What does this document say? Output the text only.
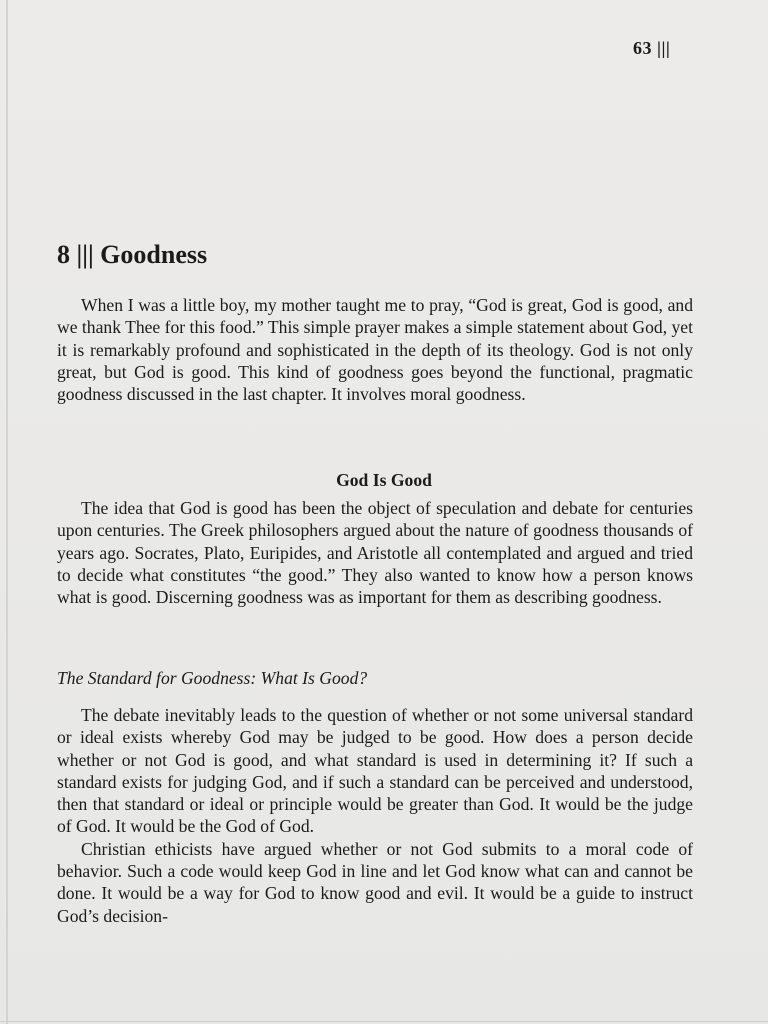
63 |||
8 ||| Goodness

When I was a little boy, my mother taught me to pray, “God is great, God is good, and we thank Thee for this food.” This simple prayer makes a simple statement about God, yet it is remarkably profound and sophisticated in the depth of its theology. God is not only great, but God is good. This kind of goodness goes beyond the functional, pragmatic goodness discussed in the last chapter. It involves moral goodness.

God Is Good

The idea that God is good has been the object of speculation and debate for centuries upon centuries. The Greek philosophers argued about the nature of goodness thousands of years ago. Socrates, Plato, Euripides, and Aristotle all contemplated and argued and tried to decide what constitutes “the good.” They also wanted to know how a person knows what is good. Discerning goodness was as important for them as describing goodness.

The Standard for Goodness: What Is Good?

The debate inevitably leads to the question of whether or not some universal standard or ideal exists whereby God may be judged to be good. How does a person decide whether or not God is good, and what standard is used in determining it? If such a standard exists for judging God, and if such a standard can be perceived and understood, then that standard or ideal or principle would be greater than God. It would be the judge of God. It would be the God of God.

Christian ethicists have argued whether or not God submits to a moral code of behavior. Such a code would keep God in line and let God know what can and cannot be done. It would be a way for God to know good and evil. It would be a guide to instruct God’s decision-
